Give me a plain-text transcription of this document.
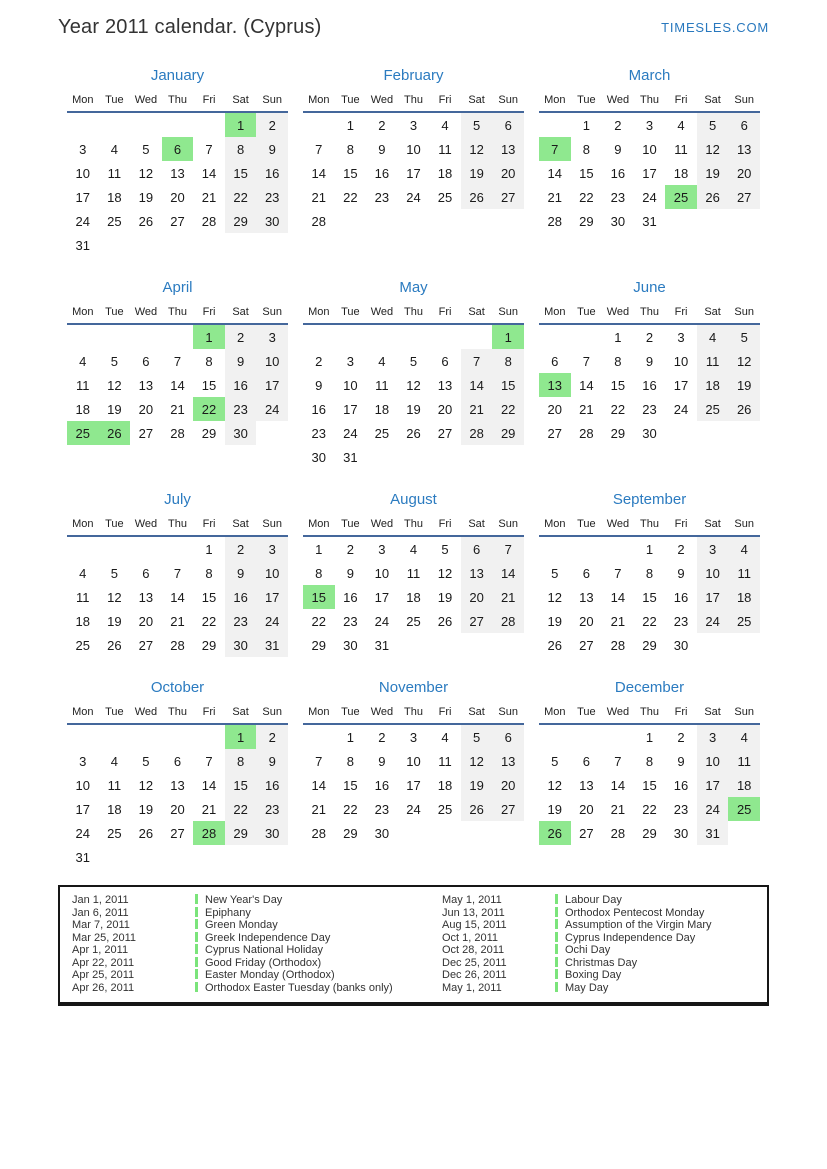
Year 2011 calendar. (Cyprus)	TIMESLES.COM
January
Mon	Tue	Wed	Thu	Fri	Sat	Sun
					1	2
3	4	5	6	7	8	9
10	11	12	13	14	15	16
17	18	19	20	21	22	23
24	25	26	27	28	29	30
31						
February
Mon	Tue	Wed	Thu	Fri	Sat	Sun
	1	2	3	4	5	6
7	8	9	10	11	12	13
14	15	16	17	18	19	20
21	22	23	24	25	26	27
28						
March
Mon	Tue	Wed	Thu	Fri	Sat	Sun
	1	2	3	4	5	6
7	8	9	10	11	12	13
14	15	16	17	18	19	20
21	22	23	24	25	26	27
28	29	30	31			
April
Mon	Tue	Wed	Thu	Fri	Sat	Sun
				1	2	3
4	5	6	7	8	9	10
11	12	13	14	15	16	17
18	19	20	21	22	23	24
25	26	27	28	29	30	
May
Mon	Tue	Wed	Thu	Fri	Sat	Sun
						1
2	3	4	5	6	7	8
9	10	11	12	13	14	15
16	17	18	19	20	21	22
23	24	25	26	27	28	29
30	31					
June
Mon	Tue	Wed	Thu	Fri	Sat	Sun
		1	2	3	4	5
6	7	8	9	10	11	12
13	14	15	16	17	18	19
20	21	22	23	24	25	26
27	28	29	30			
July
Mon	Tue	Wed	Thu	Fri	Sat	Sun
				1	2	3
4	5	6	7	8	9	10
11	12	13	14	15	16	17
18	19	20	21	22	23	24
25	26	27	28	29	30	31
August
Mon	Tue	Wed	Thu	Fri	Sat	Sun
1	2	3	4	5	6	7
8	9	10	11	12	13	14
15	16	17	18	19	20	21
22	23	24	25	26	27	28
29	30	31				
September
Mon	Tue	Wed	Thu	Fri	Sat	Sun
			1	2	3	4
5	6	7	8	9	10	11
12	13	14	15	16	17	18
19	20	21	22	23	24	25
26	27	28	29	30		
October
Mon	Tue	Wed	Thu	Fri	Sat	Sun
					1	2
3	4	5	6	7	8	9
10	11	12	13	14	15	16
17	18	19	20	21	22	23
24	25	26	27	28	29	30
31						
November
Mon	Tue	Wed	Thu	Fri	Sat	Sun
	1	2	3	4	5	6
7	8	9	10	11	12	13
14	15	16	17	18	19	20
21	22	23	24	25	26	27
28	29	30				
December
Mon	Tue	Wed	Thu	Fri	Sat	Sun
			1	2	3	4
5	6	7	8	9	10	11
12	13	14	15	16	17	18
19	20	21	22	23	24	25
26	27	28	29	30	31	
Jan 1, 2011	New Year's Day	May 1, 2011	Labour Day
Jan 6, 2011	Epiphany	Jun 13, 2011	Orthodox Pentecost Monday
Mar 7, 2011	Green Monday	Aug 15, 2011	Assumption of the Virgin Mary
Mar 25, 2011	Greek Independence Day	Oct 1, 2011	Cyprus Independence Day
Apr 1, 2011	Cyprus National Holiday	Oct 28, 2011	Ochi Day
Apr 22, 2011	Good Friday (Orthodox)	Dec 25, 2011	Christmas Day
Apr 25, 2011	Easter Monday (Orthodox)	Dec 26, 2011	Boxing Day
Apr 26, 2011	Orthodox Easter Tuesday (banks only)	May 1, 2011	May Day
